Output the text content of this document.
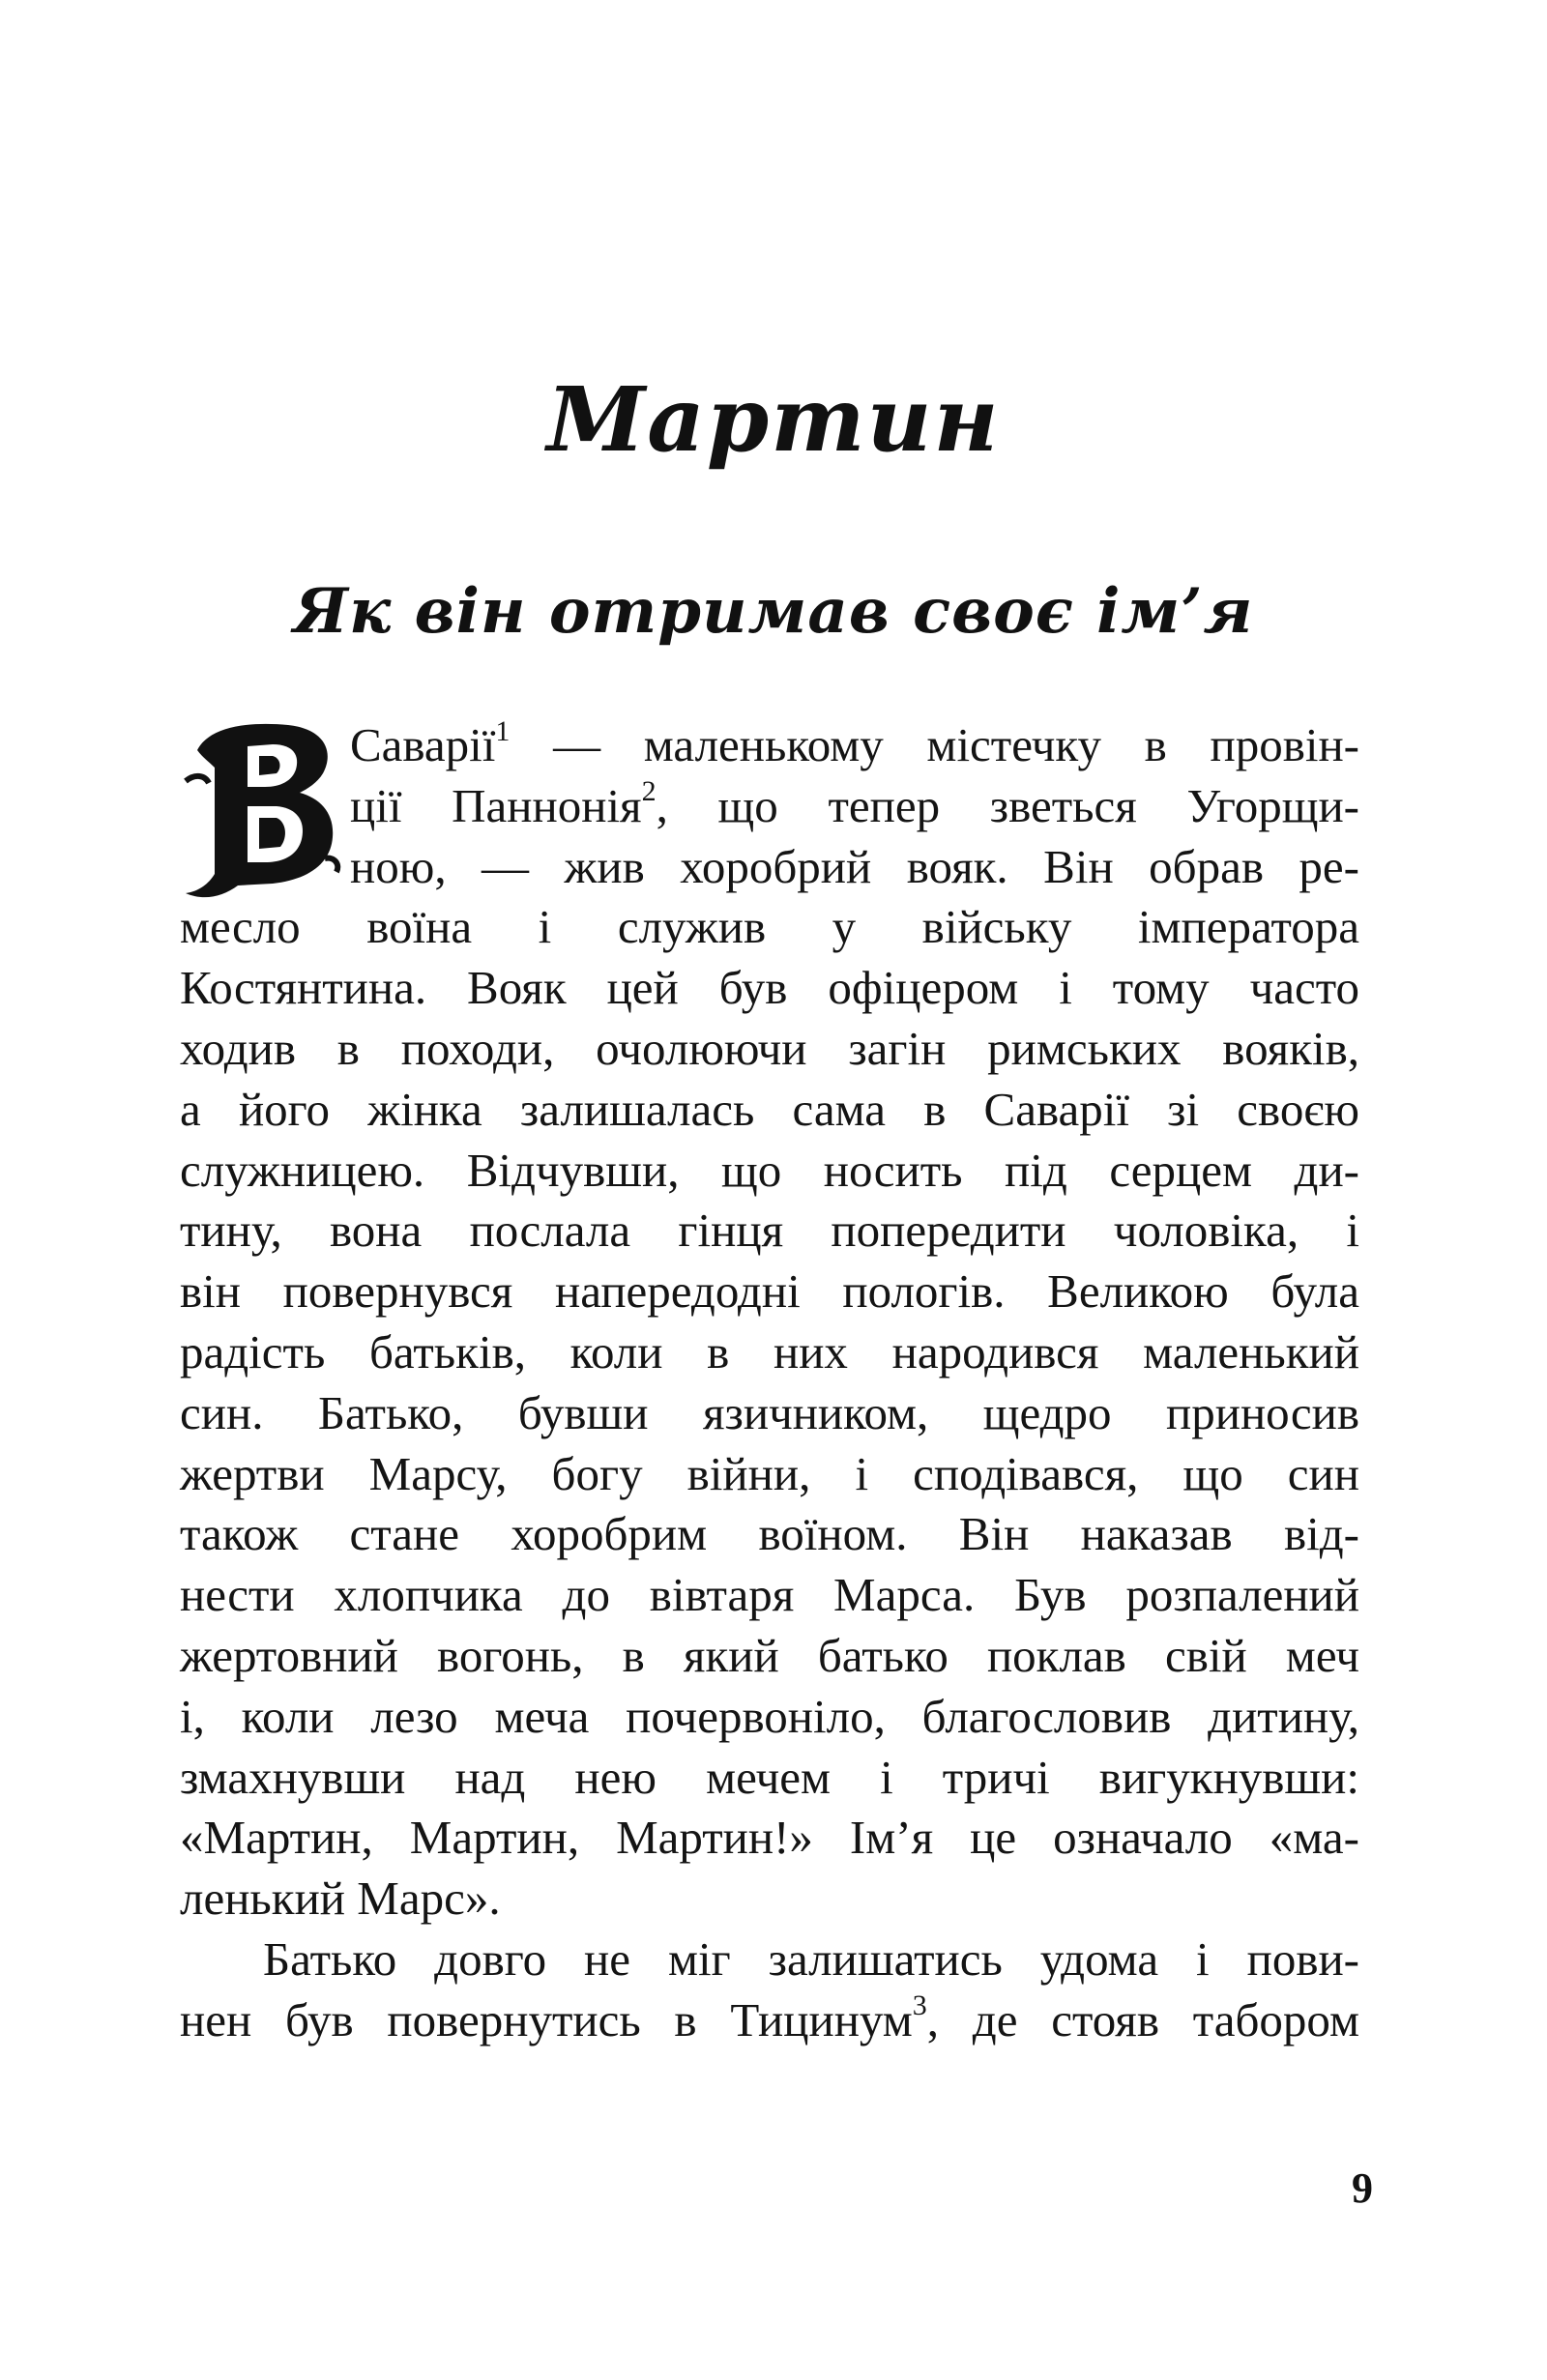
Мартин
Як він отримав своє ім’я
Саварії$^1$ — маленькому містечку в провін-
ції Паннонія$^2$, що тепер зветься Угорщи-
ною, — жив хоробрий вояк. Він обрав ре-
месло воїна і служив у війську імператора
Костянтина. Вояк цей був офіцером і тому часто
ходив в походи, очолюючи загін римських вояків,
а його жінка залишалась сама в Саварії зі своєю
служницею. Відчувши, що носить під серцем ди-
тину, вона послала гінця попередити чоловіка, і
він повернувся напередодні пологів. Великою була
радість батьків, коли в них народився маленький
син. Батько, бувши язичником, щедро приносив
жертви Марсу, богу війни, і сподівався, що син
також стане хоробрим воїном. Він наказав від-
нести хлопчика до вівтаря Марса. Був розпалений
жертовний вогонь, в який батько поклав свій меч
і, коли лезо меча почервоніло, благословив дитину,
змахнувши над нею мечем і тричі вигукнувши:
«Мартин, Мартин, Мартин!» Ім’я це означало «ма-
ленький Марс».
Батько довго не міг залишатись удома і пови-
нен був повернутись в Тицинум$^3$, де стояв табором
9
